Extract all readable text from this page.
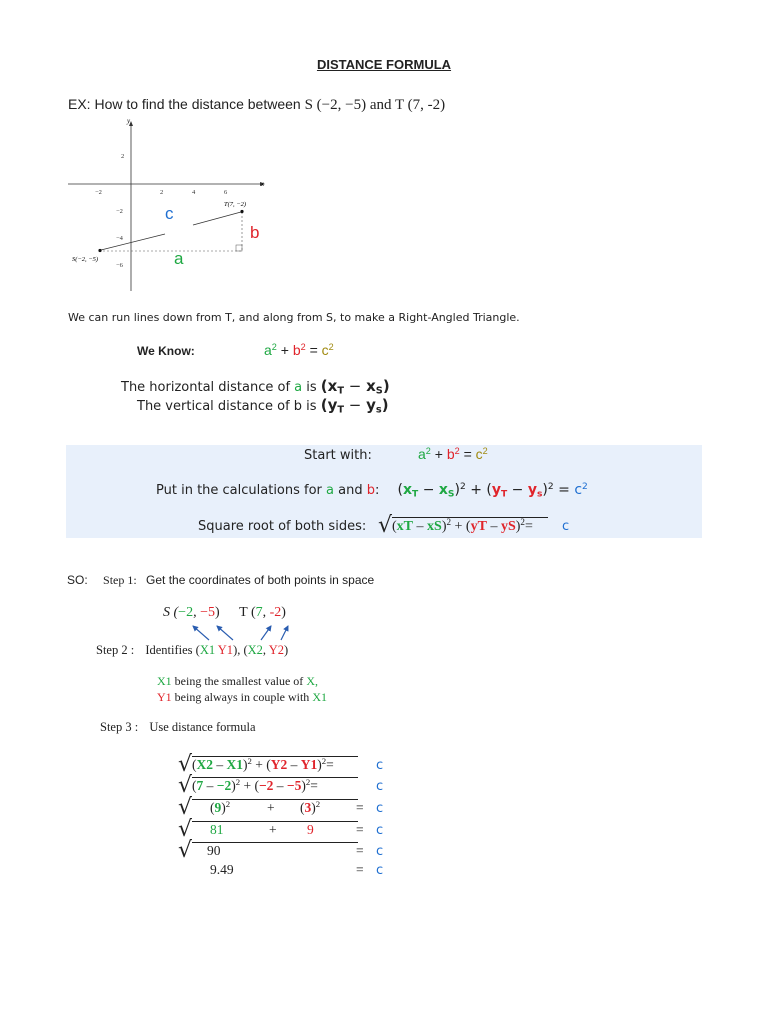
DISTANCE FORMULA
EX: How to find the distance between S (−2, −5) and T (7, -2)
y
x
−2	2	4	6
2
−2
−4
−6
T(7, −2)
S(−2, −5)
c
b
a
We can run lines down from T, and along from S, to make a Right-Angled Triangle.
We Know:	$a^2 + b^2 = c^2$
The horizontal distance of a is $(x_T - x_S)$
The vertical distance of b is $(y_T - y_s)$
Start with:	$a^2 + b^2 = c^2$
Put in the calculations for a and b: $(x_T - x_S)^2 + (y_T - y_s)^2 = c^2$
Square root of both sides: √ (xT – xS)$^2$ + (yT – yS)$^2$= c
SO: Step 1: Get the coordinates of both points in space
S (−2, −5) T (7, -2)
Step 2 : Identifies (X1 Y1), (X2, Y2)
X1 being the smallest value of X,
Y1 being always in couple with X1
Step 3 : Use distance formula
√ (X2 – X1)$^2$ + (Y2 – Y1)$^2$=	c
√ $(7 - -2)^2 + (-2 - -5)^2=$	c
√ $(9)^2$	+ $(3)^2$	= c
√ 81	+ 9	= c
√ 90	= c
9.49	= c
